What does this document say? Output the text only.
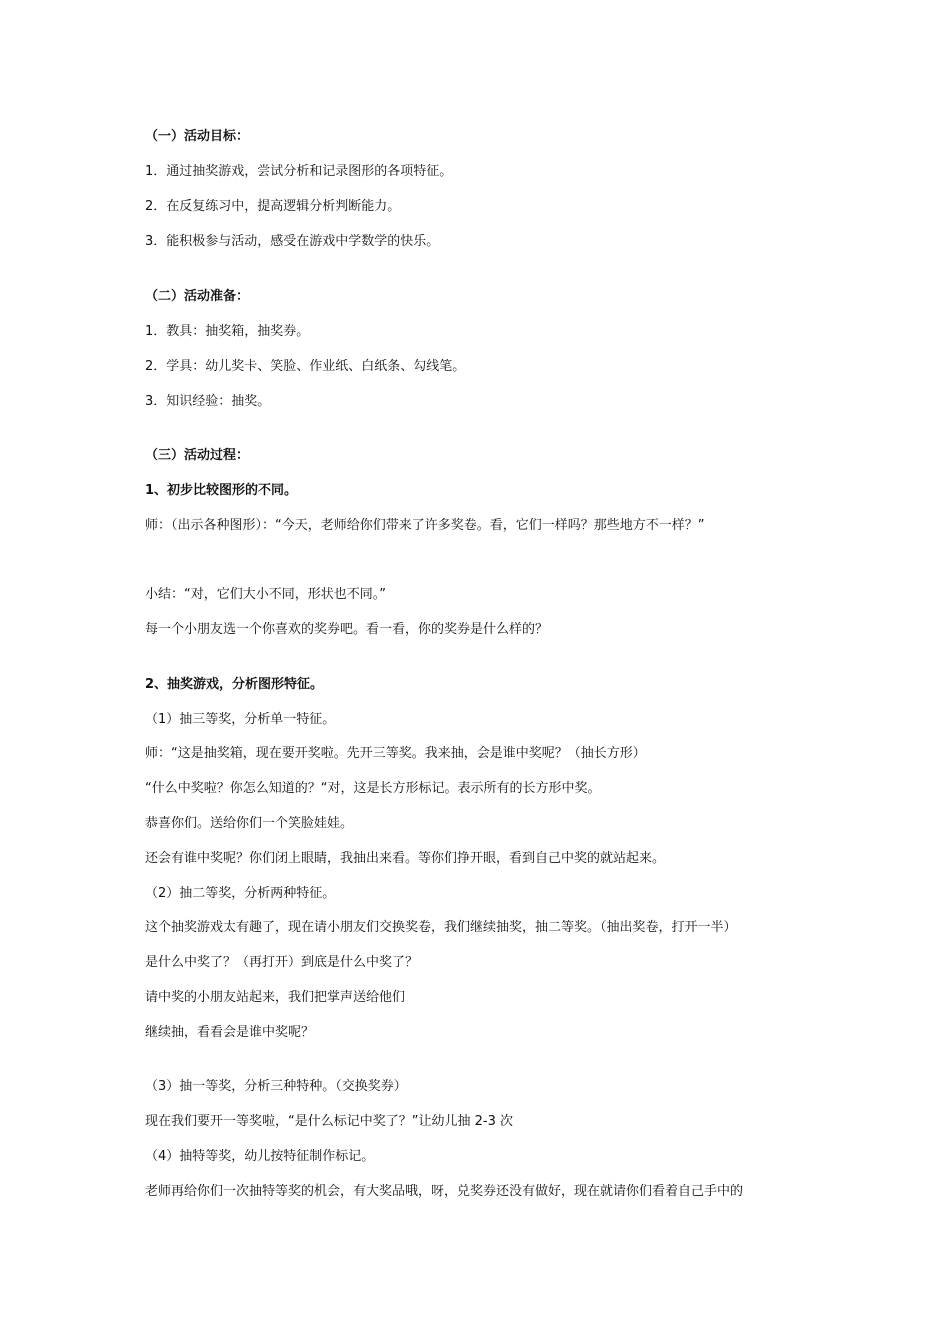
（一）活动目标：
1．通过抽奖游戏，尝试分析和记录图形的各项特征。
2．在反复练习中，提高逻辑分析判断能力。
3．能积极参与活动，感受在游戏中学数学的快乐。
（二）活动准备：
1．教具：抽奖箱，抽奖券。
2．学具：幼儿奖卡、笑脸、作业纸、白纸条、勾线笔。
3．知识经验：抽奖。
（三）活动过程：
1、初步比较图形的不同。
师：（出示各种图形）：“今天，老师给你们带来了许多奖卷。看，它们一样吗？那些地方不一样？”
小结：“对，它们大小不同，形状也不同。”
每一个小朋友选一个你喜欢的奖券吧。看一看，你的奖券是什么样的？
2、抽奖游戏，分析图形特征。
（1）抽三等奖，分析单一特征。
师：“这是抽奖箱，现在要开奖啦。先开三等奖。我来抽，会是谁中奖呢？（抽长方形）
“什么中奖啦？你怎么知道的？“对，这是长方形标记。表示所有的长方形中奖。
恭喜你们。送给你们一个笑脸娃娃。
还会有谁中奖呢？你们闭上眼睛，我抽出来看。等你们挣开眼，看到自己中奖的就站起来。
（2）抽二等奖，分析两种特征。
这个抽奖游戏太有趣了，现在请小朋友们交换奖卷，我们继续抽奖，抽二等奖。（抽出奖卷，打开一半）
是什么中奖了？（再打开）到底是什么中奖了？
请中奖的小朋友站起来，我们把掌声送给他们
继续抽，看看会是谁中奖呢？
（3）抽一等奖，分析三种特种。（交换奖券）
现在我们要开一等奖啦，“是什么标记中奖了？”让幼儿抽 2-3 次
（4）抽特等奖，幼儿按特征制作标记。
老师再给你们一次抽特等奖的机会，有大奖品哦，呀，兑奖券还没有做好，现在就请你们看着自己手中的
